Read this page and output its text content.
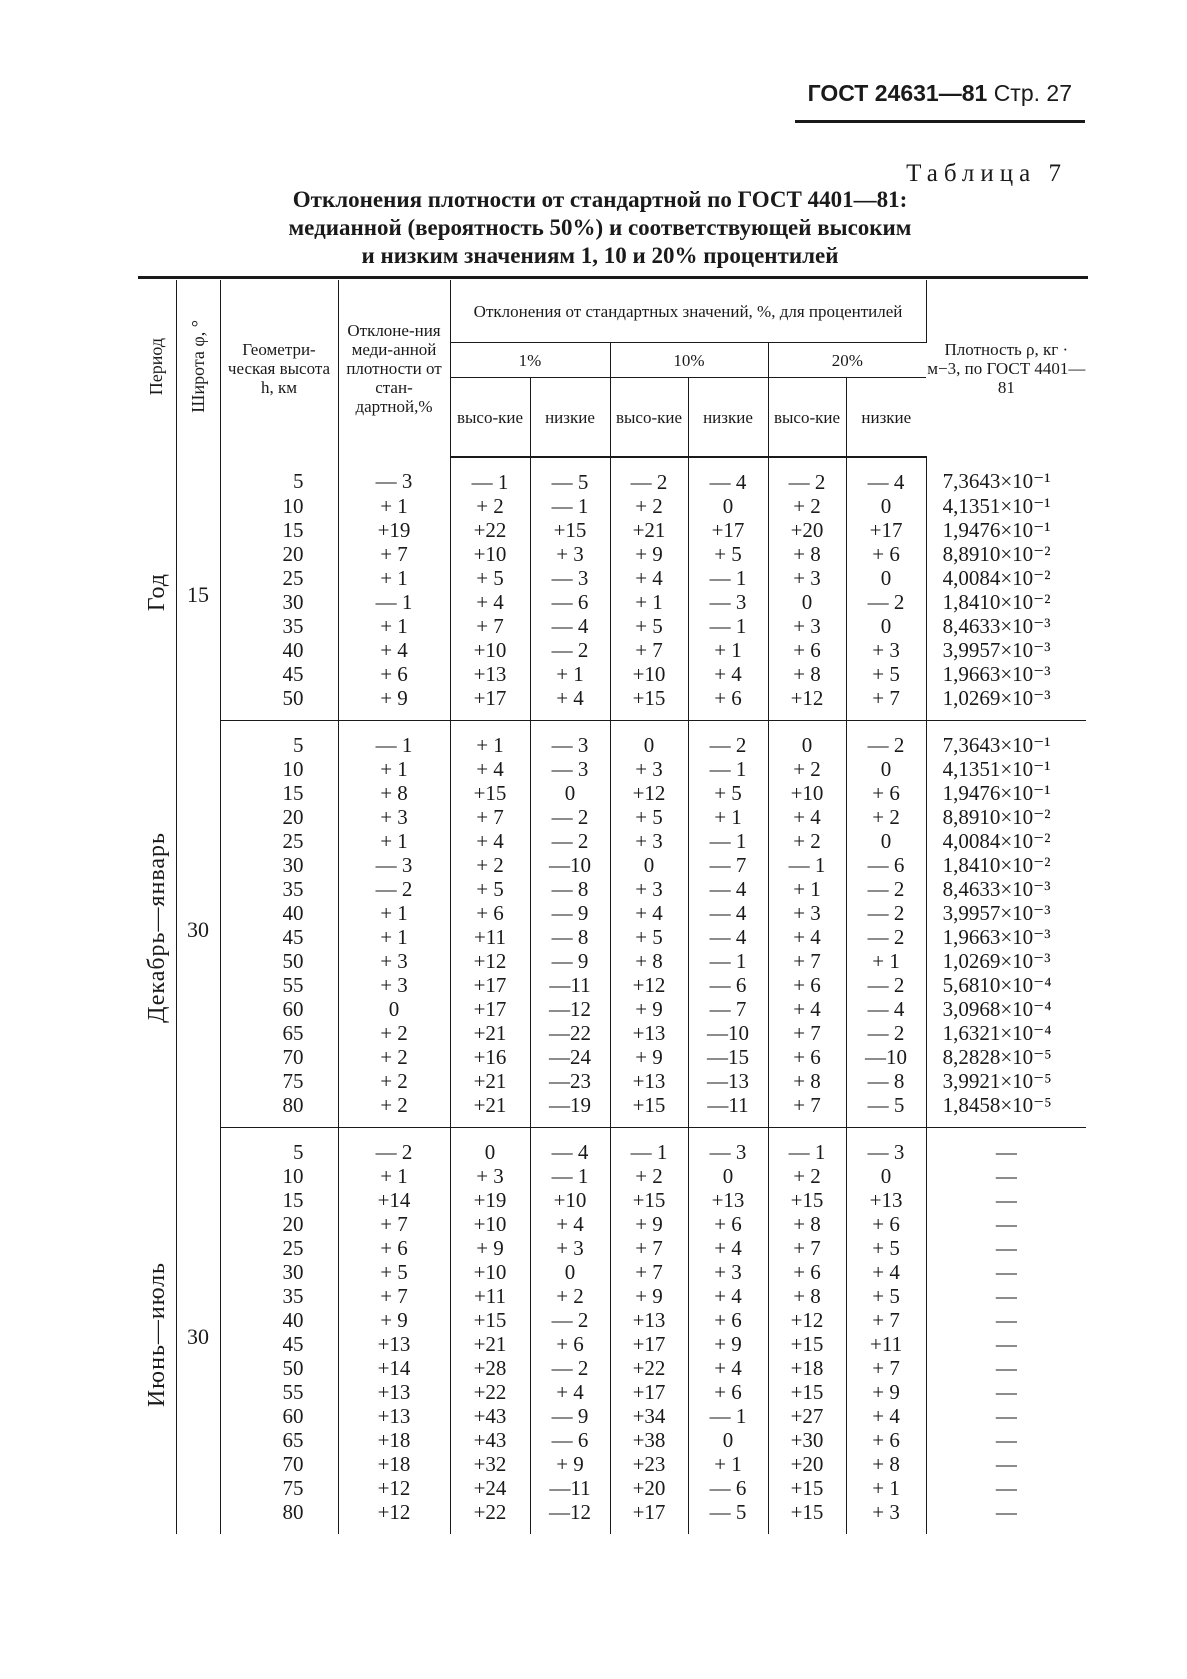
ГОСТ 24631—81 Стр. 27
Таблица 7
Отклонения плотности от стандартной по ГОСТ 4401—81:
медианной (вероятность 50%) и соответствующей высоким
и низким значениям 1, 10 и 20% процентилей
Период	Широта φ, °	Геометри-ческая высота h, км	Отклоне-ния меди-анной плотности от стан-дартной,%	Отклонения от стандартных значений, %, для процентилей						Плотность ρ, кг · м−3, по ГОСТ 4401—81
				1%		10%		20%		
				высо-кие	низкие	высо-кие	низкие	высо-кие	низкие	
Год	15	5	— 3	— 1	— 5	— 2	— 4	— 2	— 4	7,3643×10⁻¹
		10	+ 1	+ 2	— 1	+ 2	0	+ 2	0	4,1351×10⁻¹
		15	+19	+22	+15	+21	+17	+20	+17	1,9476×10⁻¹
		20	+ 7	+10	+ 3	+ 9	+ 5	+ 8	+ 6	8,8910×10⁻²
		25	+ 1	+ 5	— 3	+ 4	— 1	+ 3	0	4,0084×10⁻²
		30	— 1	+ 4	— 6	+ 1	— 3	0	— 2	1,8410×10⁻²
		35	+ 1	+ 7	— 4	+ 5	— 1	+ 3	0	8,4633×10⁻³
		40	+ 4	+10	— 2	+ 7	+ 1	+ 6	+ 3	3,9957×10⁻³
		45	+ 6	+13	+ 1	+10	+ 4	+ 8	+ 5	1,9663×10⁻³
		50	+ 9	+17	+ 4	+15	+ 6	+12	+ 7	1,0269×10⁻³
Декабрь—январь	30	5	— 1	+ 1	— 3	0	— 2	0	— 2	7,3643×10⁻¹
		10	+ 1	+ 4	— 3	+ 3	— 1	+ 2	0	4,1351×10⁻¹
		15	+ 8	+15	0	+12	+ 5	+10	+ 6	1,9476×10⁻¹
		20	+ 3	+ 7	— 2	+ 5	+ 1	+ 4	+ 2	8,8910×10⁻²
		25	+ 1	+ 4	— 2	+ 3	— 1	+ 2	0	4,0084×10⁻²
		30	— 3	+ 2	—10	0	— 7	— 1	— 6	1,8410×10⁻²
		35	— 2	+ 5	— 8	+ 3	— 4	+ 1	— 2	8,4633×10⁻³
		40	+ 1	+ 6	— 9	+ 4	— 4	+ 3	— 2	3,9957×10⁻³
		45	+ 1	+11	— 8	+ 5	— 4	+ 4	— 2	1,9663×10⁻³
		50	+ 3	+12	— 9	+ 8	— 1	+ 7	+ 1	1,0269×10⁻³
		55	+ 3	+17	—11	+12	— 6	+ 6	— 2	5,6810×10⁻⁴
		60	0	+17	—12	+ 9	— 7	+ 4	— 4	3,0968×10⁻⁴
		65	+ 2	+21	—22	+13	—10	+ 7	— 2	1,6321×10⁻⁴
		70	+ 2	+16	—24	+ 9	—15	+ 6	—10	8,2828×10⁻⁵
		75	+ 2	+21	—23	+13	—13	+ 8	— 8	3,9921×10⁻⁵
		80	+ 2	+21	—19	+15	—11	+ 7	— 5	1,8458×10⁻⁵
Июнь—июль	30	5	— 2	0	— 4	— 1	— 3	— 1	— 3	—
		10	+ 1	+ 3	— 1	+ 2	0	+ 2	0	—
		15	+14	+19	+10	+15	+13	+15	+13	—
		20	+ 7	+10	+ 4	+ 9	+ 6	+ 8	+ 6	—
		25	+ 6	+ 9	+ 3	+ 7	+ 4	+ 7	+ 5	—
		30	+ 5	+10	0	+ 7	+ 3	+ 6	+ 4	—
		35	+ 7	+11	+ 2	+ 9	+ 4	+ 8	+ 5	—
		40	+ 9	+15	— 2	+13	+ 6	+12	+ 7	—
		45	+13	+21	+ 6	+17	+ 9	+15	+11	—
		50	+14	+28	— 2	+22	+ 4	+18	+ 7	—
		55	+13	+22	+ 4	+17	+ 6	+15	+ 9	—
		60	+13	+43	— 9	+34	— 1	+27	+ 4	—
		65	+18	+43	— 6	+38	0	+30	+ 6	—
		70	+18	+32	+ 9	+23	+ 1	+20	+ 8	—
		75	+12	+24	—11	+20	— 6	+15	+ 1	—
		80	+12	+22	—12	+17	— 5	+15	+ 3	—
